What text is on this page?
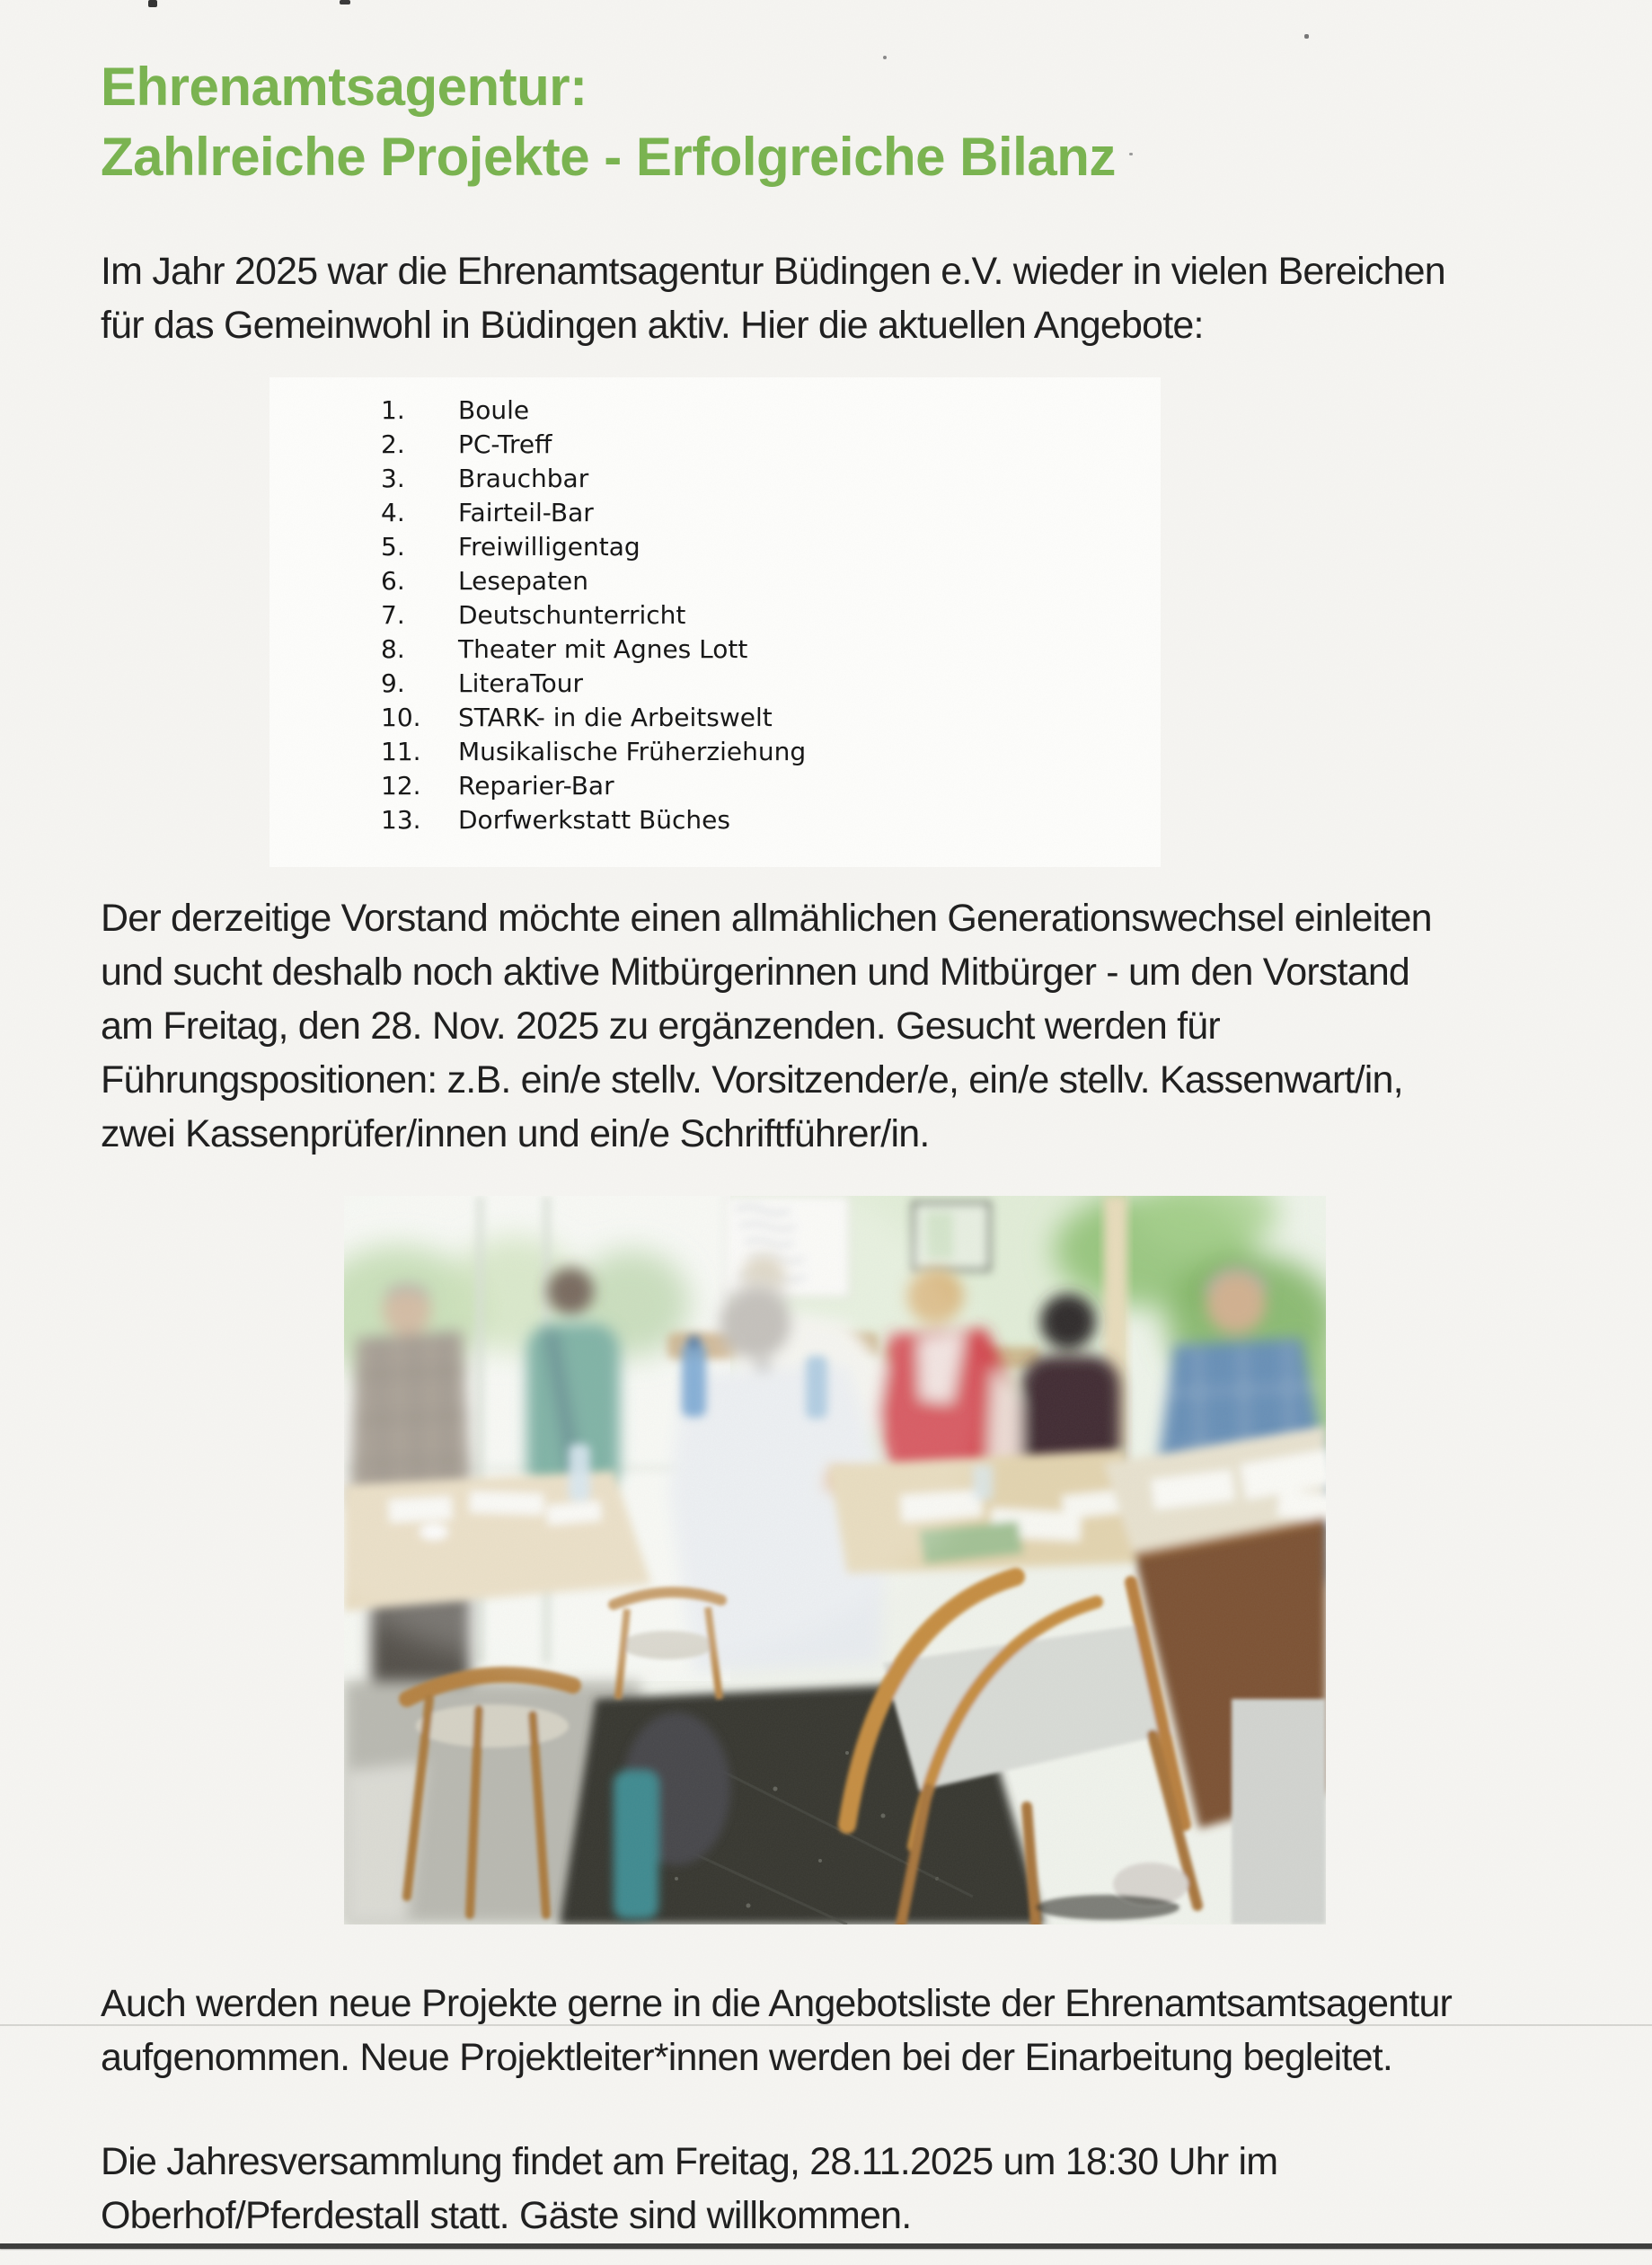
Ehrenamtsagentur:
Zahlreiche Projekte - Erfolgreiche Bilanz
Im Jahr 2025 war die Ehrenamtsagentur Büdingen e.V. wieder in vielen Bereichen
für das Gemeinwohl in Büdingen aktiv. Hier die aktuellen Angebote:
1.	Boule
2.	PC-Treff
3.	Brauchbar
4.	Fairteil-Bar
5.	Freiwilligentag
6.	Lesepaten
7.	Deutschunterricht
8.	Theater mit Agnes Lott
9.	LiteraTour
10.	STARK- in die Arbeitswelt
11.	Musikalische Früherziehung
12.	Reparier-Bar
13.	Dorfwerkstatt Büches
Der derzeitige Vorstand möchte einen allmählichen Generationswechsel einleiten
und sucht deshalb noch aktive Mitbürgerinnen und Mitbürger - um den Vorstand
am Freitag, den 28. Nov. 2025 zu ergänzenden. Gesucht werden für
Führungspositionen: z.B. ein/e stellv. Vorsitzender/e, ein/e stellv. Kassenwart/in,
zwei Kassenprüfer/innen und ein/e Schriftführer/in.
Auch werden neue Projekte gerne in die Angebotsliste der Ehrenamtsamtsagentur
aufgenommen. Neue Projektleiter*innen werden bei der Einarbeitung begleitet.
Die Jahresversammlung findet am Freitag, 28.11.2025 um 18:30 Uhr im
Oberhof/Pferdestall statt. Gäste sind willkommen.
